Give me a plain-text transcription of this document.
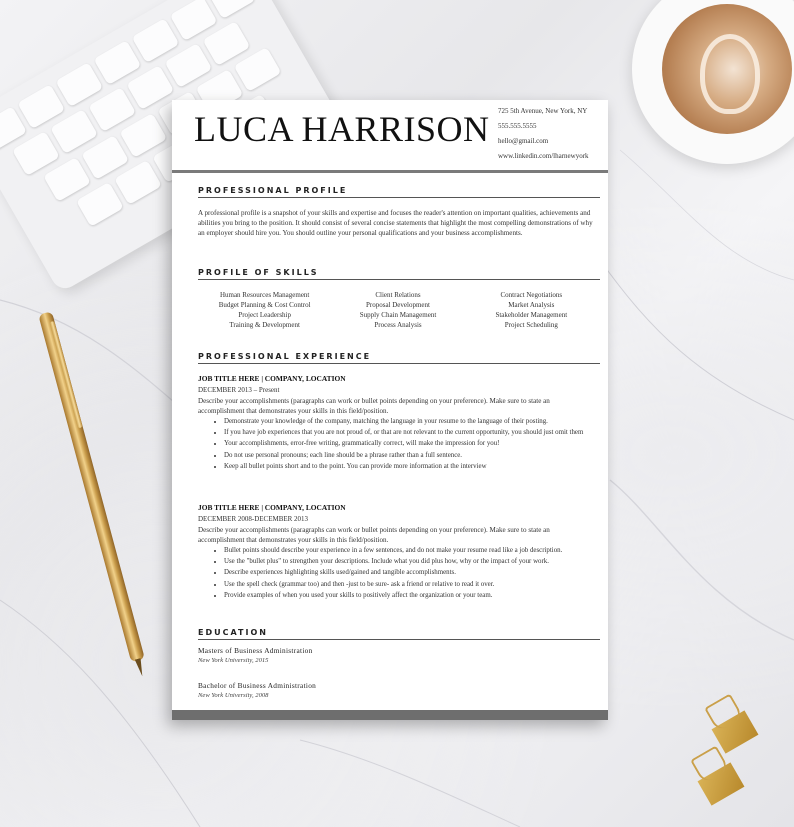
LUCA HARRISON 725 5th Avenue, New York, NY
555.555.5555
hello@gmail.com
www.linkedin.com/lharnewyork
PROFESSIONAL PROFILE
A professional profile is a snapshot of your skills and expertise and focuses the reader's attention on important qualities, achievements and abilities you bring to the position. It should consist of several concise statements that highlight the most compelling demonstrations of why an employer should hire you. You should outline your personal qualifications and your business accomplishments.
PROFILE OF SKILLS
Human Resources Management
Budget Planning & Cost Control
Project Leadership
Training & Development
Client Relations
Proposal Development
Supply Chain Management
Process Analysis
Contract Negotiations
Market Analysis
Stakeholder Management
Project Scheduling
PROFESSIONAL EXPERIENCE
JOB TITLE HERE | COMPANY, LOCATION
DECEMBER 2013 – Present
Describe your accomplishments (paragraphs can work or bullet points depending on your preference). Make sure to state an accomplishment that demonstrates your skills in this field/position.
• Demonstrate your knowledge of the company, matching the language in your resume to the language of their posting.
• If you have job experiences that you are not proud of, or that are not relevant to the current opportunity, you should just omit them
• Your accomplishments, error-free writing, grammatically correct, will make the impression for you!
• Do not use personal pronouns; each line should be a phrase rather than a full sentence.
• Keep all bullet points short and to the point. You can provide more information at the interview
JOB TITLE HERE | COMPANY, LOCATION
DECEMBER 2008-DECEMBER 2013
Describe your accomplishments (paragraphs can work or bullet points depending on your preference). Make sure to state an accomplishment that demonstrates your skills in this field/position.
• Bullet points should describe your experience in a few sentences, and do not make your resume read like a job description.
• Use the "bullet plus" to strengthen your descriptions. Include what you did plus how, why or the impact of your work.
• Describe experiences highlighting skills used/gained and tangible accomplishments.
• Use the spell check (grammar too) and then -just to be sure- ask a friend or relative to read it over.
• Provide examples of when you used your skills to positively affect the organization or your team.
EDUCATION
Masters of Business Administration
New York University, 2015
Bachelor of Business Administration
New York University, 2008
